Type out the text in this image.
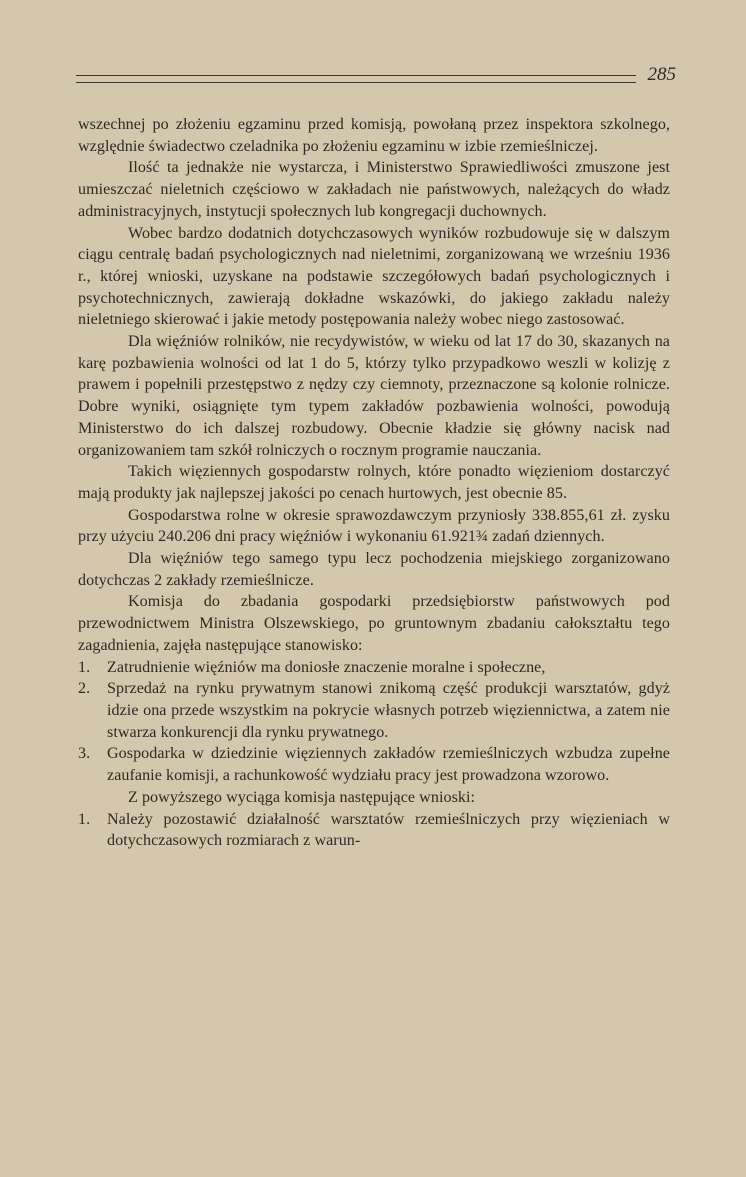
285

wszechnej po złożeniu egzaminu przed komisją, powołaną przez inspektora szkolnego, względnie świadectwo czeladnika po złożeniu egzaminu w izbie rzemieślniczej.

Ilość ta jednakże nie wystarcza, i Ministerstwo Sprawiedliwości zmuszone jest umieszczać nieletnich częściowo w zakładach nie państwowych, należących do władz administracyjnych, instytucji społecznych lub kongregacji duchownych.

Wobec bardzo dodatnich dotychczasowych wyników rozbudowuje się w dalszym ciągu centralę badań psychologicznych nad nieletnimi, zorganizowaną we wrześniu 1936 r., której wnioski, uzyskane na podstawie szczegółowych badań psychologicznych i psychotechnicznych, zawierają dokładne wskazówki, do jakiego zakładu należy nieletniego skierować i jakie metody postępowania należy wobec niego zastosować.

Dla więźniów rolników, nie recydywistów, w wieku od lat 17 do 30, skazanych na karę pozbawienia wolności od lat 1 do 5, którzy tylko przypadkowo weszli w kolizję z prawem i popełnili przestępstwo z nędzy czy ciemnoty, przeznaczone są kolonie rolnicze. Dobre wyniki, osiągnięte tym typem zakładów pozbawienia wolności, powodują Ministerstwo do ich dalszej rozbudowy. Obecnie kładzie się główny nacisk nad organizowaniem tam szkół rolniczych o rocznym programie nauczania.

Takich więziennych gospodarstw rolnych, które ponadto więzieniom dostarczyć mają produkty jak najlepszej jakości po cenach hurtowych, jest obecnie 85.

Gospodarstwa rolne w okresie sprawozdawczym przyniosły 338.855,61 zł. zysku przy użyciu 240.206 dni pracy więźniów i wykonaniu 61.921¾ zadań dziennych.

Dla więźniów tego samego typu lecz pochodzenia miejskiego zorganizowano dotychczas 2 zakłady rzemieślnicze.

Komisja do zbadania gospodarki przedsiębiorstw państwowych pod przewodnictwem Ministra Olszewskiego, po gruntownym zbadaniu całokształtu tego zagadnienia, zajęła następujące stanowisko:

1. Zatrudnienie więźniów ma doniosłe znaczenie moralne i społeczne,
2. Sprzedaż na rynku prywatnym stanowi znikomą część produkcji warsztatów, gdyż idzie ona przede wszystkim na pokrycie własnych potrzeb więziennictwa, a zatem nie stwarza konkurencji dla rynku prywatnego.
3. Gospodarka w dziedzinie więziennych zakładów rzemieślniczych wzbudza zupełne zaufanie komisji, a rachunkowość wydziału pracy jest prowadzona wzorowo.

Z powyższego wyciąga komisja następujące wnioski:

1. Należy pozostawić działalność warsztatów rzemieślniczych przy więzieniach w dotychczasowych rozmiarach z warun-
